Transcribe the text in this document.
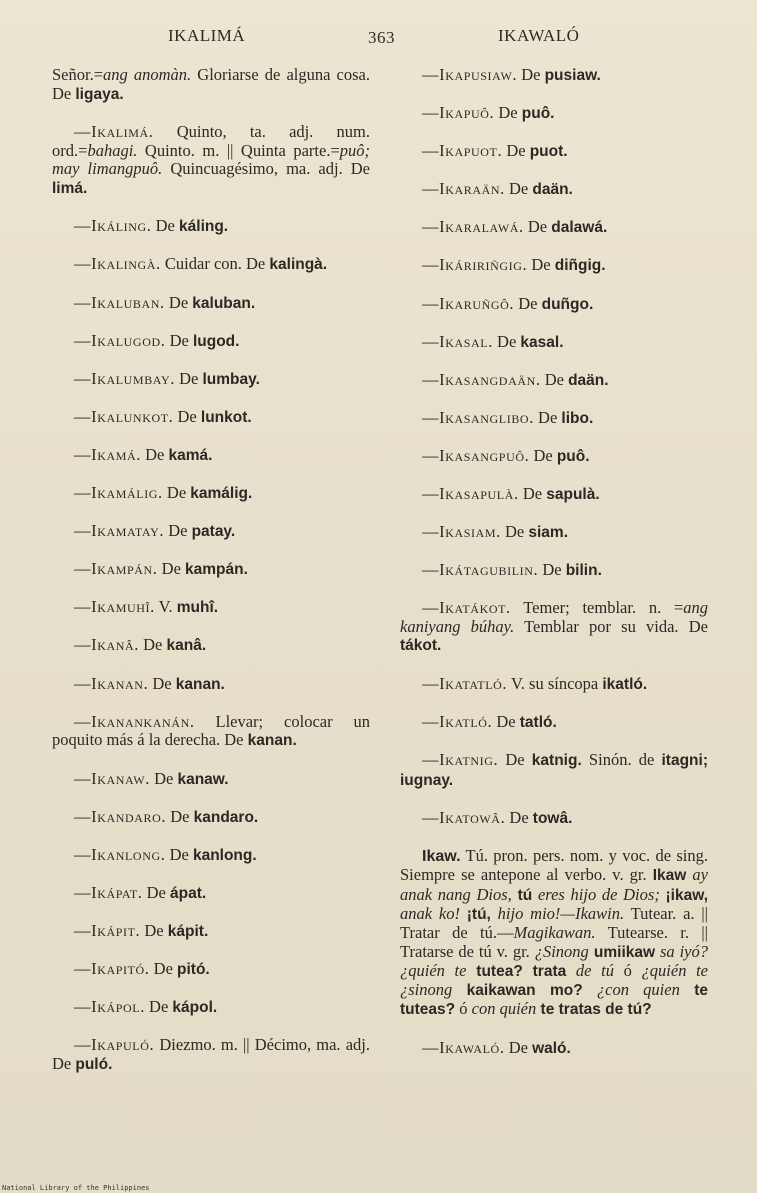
IKALIMÁ	363	IKAWALÓ
Señor.=ang anomàn. Gloriarse de alguna cosa. De ligaya.
—Ikalimá. Quinto, ta. adj. num. ord.=bahagi. Quinto. m. || Quinta parte.=puô; may limangpuô. Quincuagésimo, ma. adj. De limá.
—Ikáling. De káling.
—Ikalingà. Cuidar con. De kalingà.
—Ikaluban. De kaluban.
—Ikalugod. De lugod.
—Ikalumbay. De lumbay.
—Ikalunkot. De lunkot.
—Ikamá. De kamá.
—Ikamálig. De kamálig.
—Ikamatay. De patay.
—Ikampán. De kampán.
—Ikamuhî. V. muhî.
—Ikanâ. De kanâ.
—Ikanan. De kanan.
—Ikanankanán. Llevar; colocar un poquito más á la derecha. De kanan.
—Ikanaw. De kanaw.
—Ikandaro. De kandaro.
—Ikanlong. De kanlong.
—Ikápat. De ápat.
—Ikápit. De kápit.
—Ikapitó. De pitó.
—Ikápol. De kápol.
—Ikapuló. Diezmo. m. || Décimo, ma. adj. De puló.
—Ikapusiaw. De pusiaw.
—Ikapuô. De puô.
—Ikapuot. De puot.
—Ikaraän. De daän.
—Ikaralawá. De dalawá.
—Ikáririñgig. De diñgig.
—Ikaruñgô. De duñgo.
—Ikasal. De kasal.
—Ikasangdaän. De daän.
—Ikasanglibo. De libo.
—Ikasangpuô. De puô.
—Ikasapulà. De sapulà.
—Ikasiam. De siam.
—Ikátagubilin. De bilin.
—Ikatákot. Temer; temblar. n. =ang kaniyang búhay. Temblar por su vida. De tákot.
—Ikatatló. V. su síncopa ikatló.
—Ikatló. De tatló.
—Ikatnig. De katnig. Sinón. de itagni; iugnay.
—Ikatowâ. De towâ.
Ikaw. Tú. pron. pers. nom. y voc. de sing. Siempre se antepone al verbo. v. gr. Ikaw ay anak nang Dios, tú eres hijo de Dios; ¡ikaw, anak ko! ¡tú, hijo mio!—Ikawin. Tutear. a. || Tratar de tú.—Magikawan. Tutearse. r. || Tratarse de tú v. gr. ¿Sinong umiikaw sa iyó? ¿quién te tutea? trata de tú ó ¿quién te ¿sinong kaikawan mo? ¿con quien te tuteas? ó con quién te tratas de tú?
—Ikawaló. De waló.
National Library of the Philippines
